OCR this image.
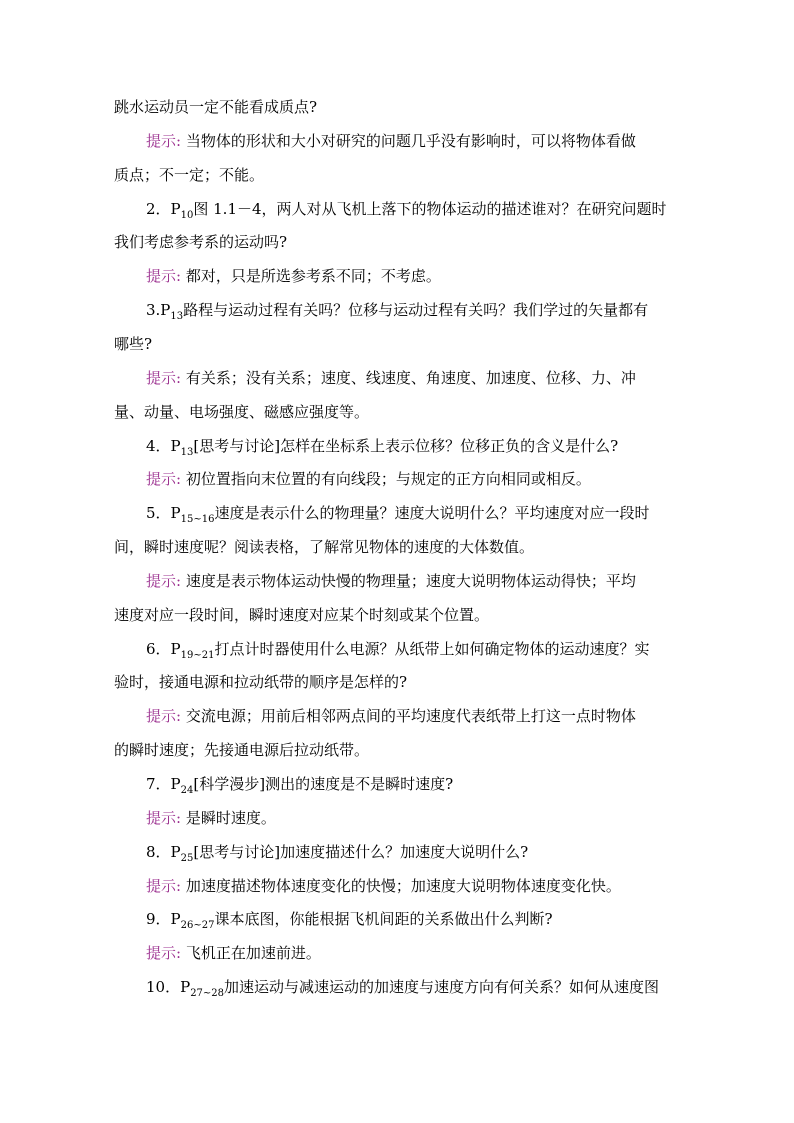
跳水运动员一定不能看成质点?
提示: 当物体的形状和大小对研究的问题几乎没有影响时，可以将物体看做
质点；不一定；不能。
2．$P_{10}$图 1.1－4，两人对从飞机上落下的物体运动的描述谁对？在研究问题时
我们考虑参考系的运动吗?
提示: 都对，只是所选参考系不同；不考虑。
$3.P_{13}$路程与运动过程有关吗？位移与运动过程有关吗？我们学过的矢量都有
哪些?
提示: 有关系；没有关系；速度、线速度、角速度、加速度、位移、力、冲
量、动量、电场强度、磁感应强度等。
4．$P_{13}$[思考与讨论]怎样在坐标系上表示位移？位移正负的含义是什么?
提示: 初位置指向末位置的有向线段；与规定的正方向相同或相反。
5．$P_{15\sim 16}$速度是表示什么的物理量？速度大说明什么？平均速度对应一段时
间，瞬时速度呢？阅读表格，了解常见物体的速度的大体数值。
提示: 速度是表示物体运动快慢的物理量；速度大说明物体运动得快；平均
速度对应一段时间，瞬时速度对应某个时刻或某个位置。
6．$P_{19\sim 21}$打点计时器使用什么电源？从纸带上如何确定物体的运动速度？实
验时，接通电源和拉动纸带的顺序是怎样的?
提示: 交流电源；用前后相邻两点间的平均速度代表纸带上打这一点时物体
的瞬时速度；先接通电源后拉动纸带。
7．$P_{24}$[科学漫步]测出的速度是不是瞬时速度?
提示: 是瞬时速度。
8．$P_{25}$[思考与讨论]加速度描述什么？加速度大说明什么?
提示: 加速度描述物体速度变化的快慢；加速度大说明物体速度变化快。
9．$P_{26\sim 27}$课本底图，你能根据飞机间距的关系做出什么判断?
提示: 飞机正在加速前进。
10．$P_{27\sim 28}$加速运动与减速运动的加速度与速度方向有何关系？如何从速度图
